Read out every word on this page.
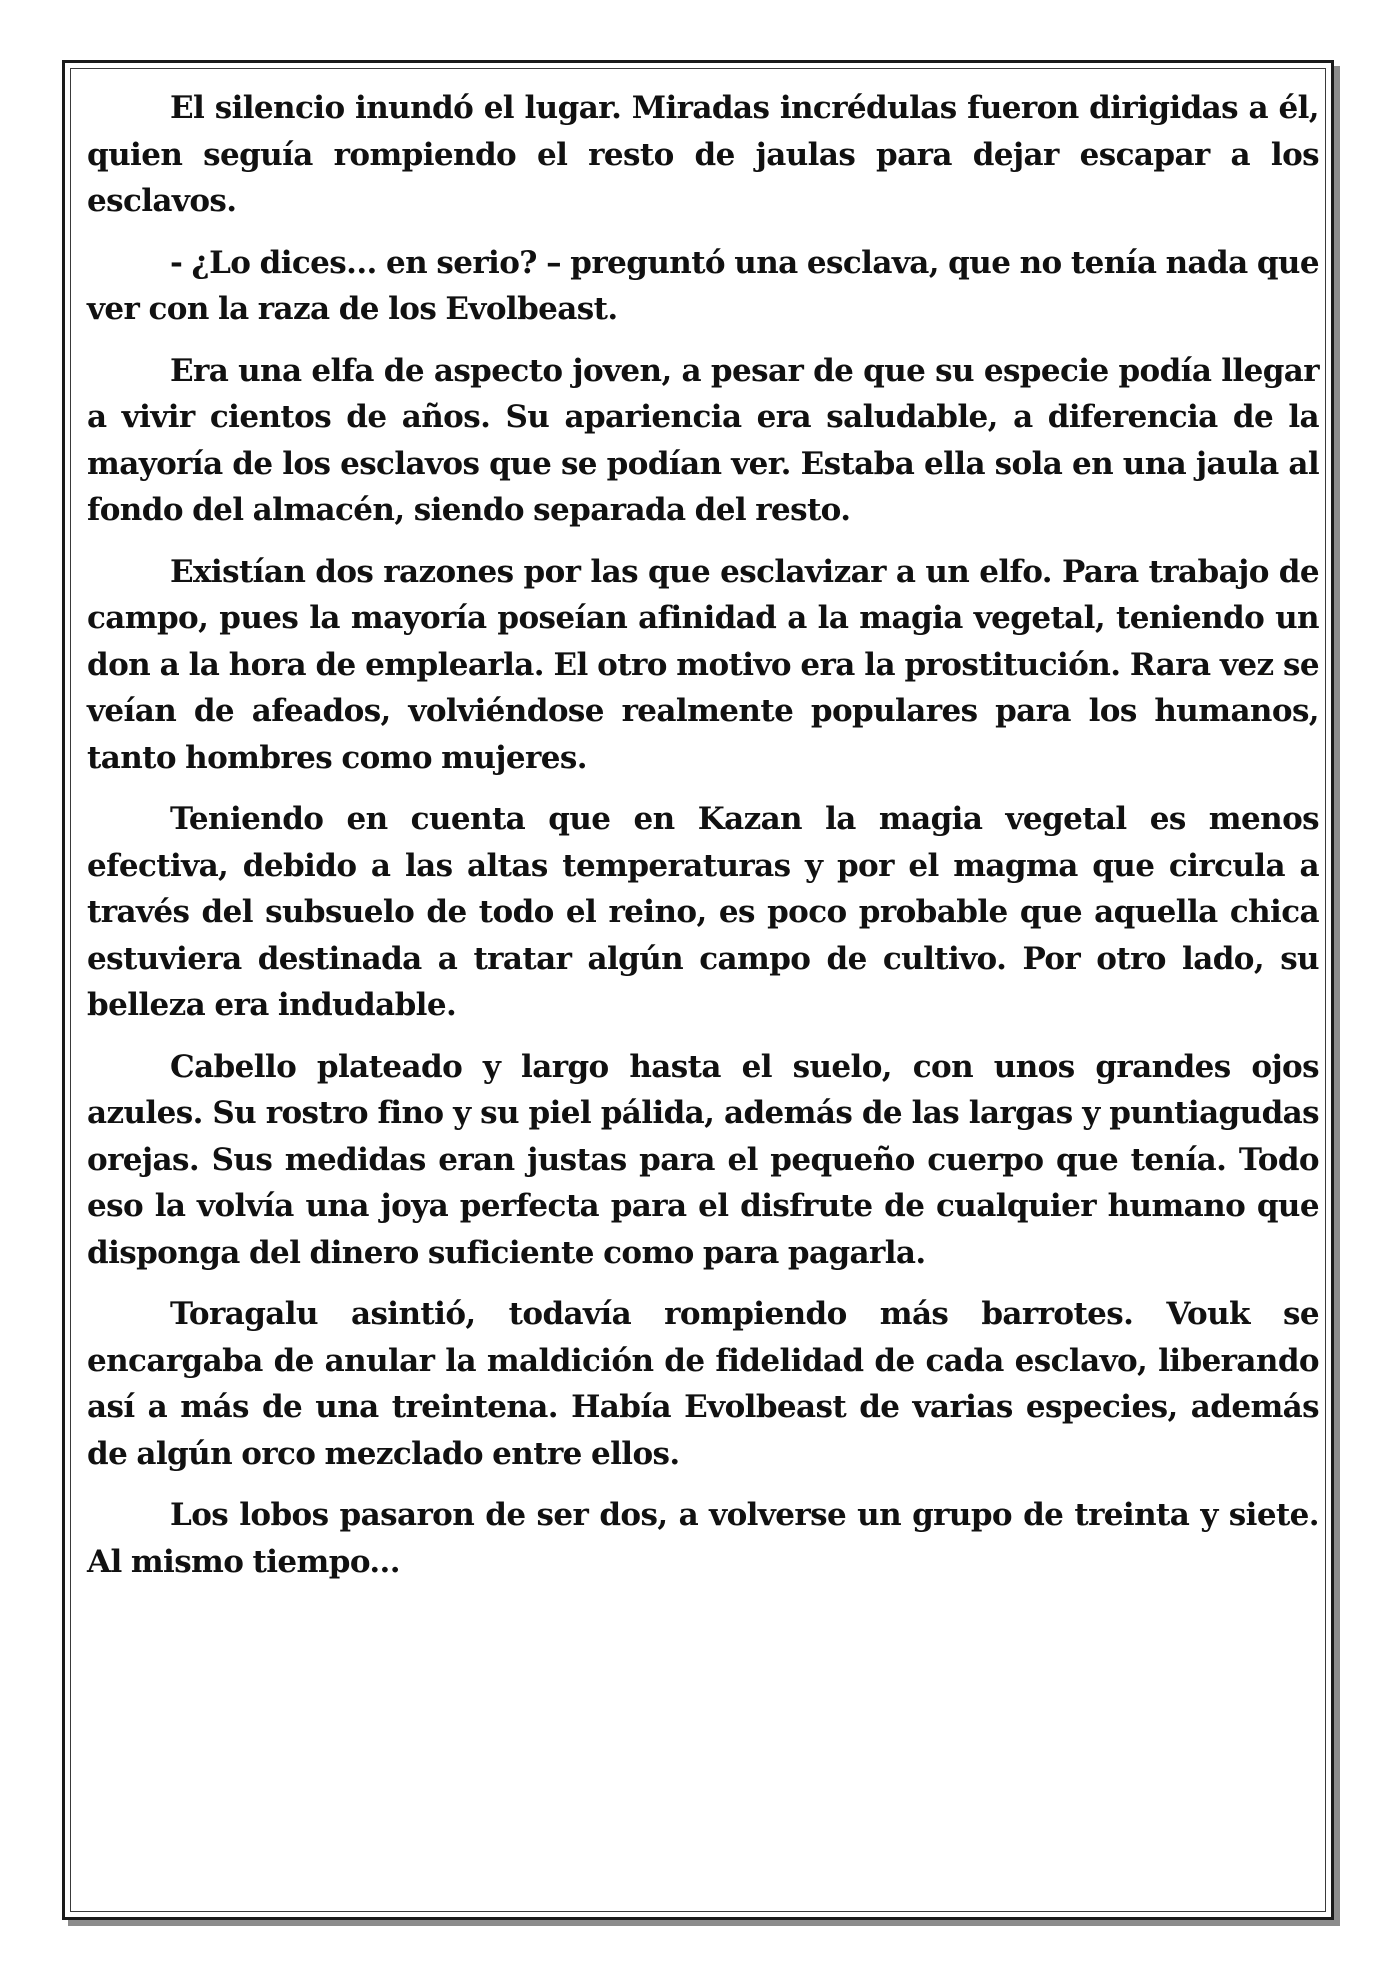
El silencio inundó el lugar. Miradas incrédulas fueron dirigidas a él, quien seguía rompiendo el resto de jaulas para dejar escapar a los esclavos.

- ¿Lo dices... en serio? – preguntó una esclava, que no tenía nada que ver con la raza de los Evolbeast.

Era una elfa de aspecto joven, a pesar de que su especie podía llegar a vivir cientos de años. Su apariencia era saludable, a diferencia de la mayoría de los esclavos que se podían ver. Estaba ella sola en una jaula al fondo del almacén, siendo separada del resto.

Existían dos razones por las que esclavizar a un elfo. Para trabajo de campo, pues la mayoría poseían afinidad a la magia vegetal, teniendo un don a la hora de emplearla. El otro motivo era la prostitución. Rara vez se veían de afeados, volviéndose realmente populares para los humanos, tanto hombres como mujeres.

Teniendo en cuenta que en Kazan la magia vegetal es menos efectiva, debido a las altas temperaturas y por el magma que circula a través del subsuelo de todo el reino, es poco probable que aquella chica estuviera destinada a tratar algún campo de cultivo. Por otro lado, su belleza era indudable.

Cabello plateado y largo hasta el suelo, con unos grandes ojos azules. Su rostro fino y su piel pálida, además de las largas y puntiagudas orejas. Sus medidas eran justas para el pequeño cuerpo que tenía. Todo eso la volvía una joya perfecta para el disfrute de cualquier humano que disponga del dinero suficiente como para pagarla.

Toragalu asintió, todavía rompiendo más barrotes. Vouk se encargaba de anular la maldición de fidelidad de cada esclavo, liberando así a más de una treintena. Había Evolbeast de varias especies, además de algún orco mezclado entre ellos.

Los lobos pasaron de ser dos, a volverse un grupo de treinta y siete. Al mismo tiempo...
